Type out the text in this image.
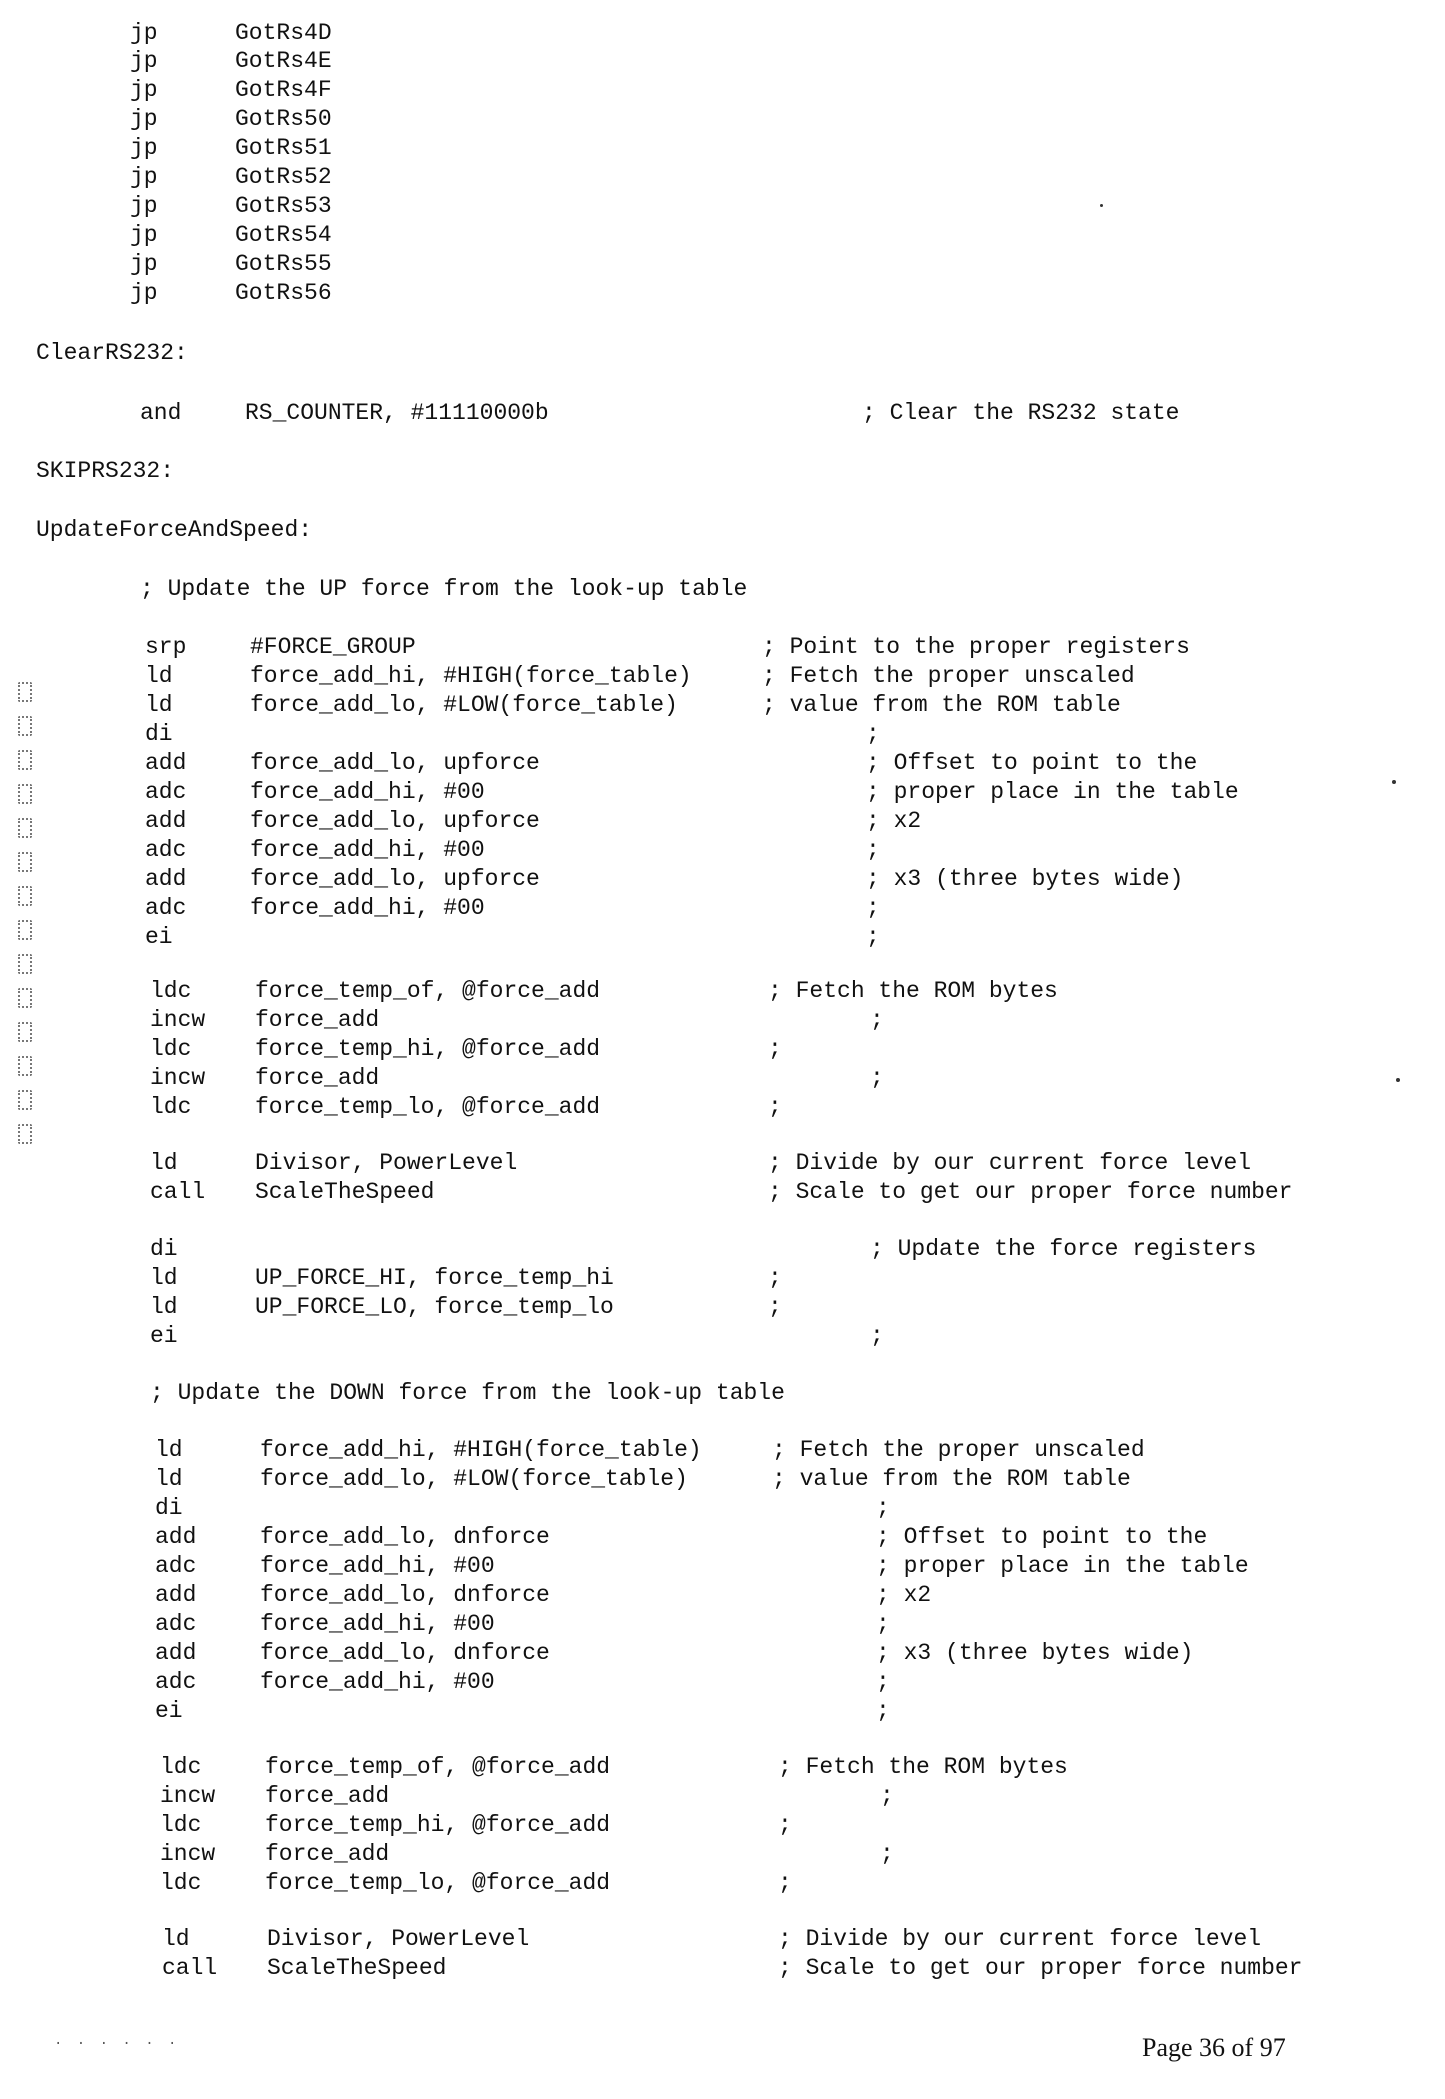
jp	GotRs4D
jp	GotRs4E
jp	GotRs4F
jp	GotRs50
jp	GotRs51
jp	GotRs52
jp	GotRs53
jp	GotRs54
jp	GotRs55
jp	GotRs56
ClearRS232:
and	RS_COUNTER, #11110000b	; Clear the RS232 state
SKIPRS232:
UpdateForceAndSpeed:
; Update the UP force from the look-up table
srp	#FORCE_GROUP	; Point to the proper registers
ld	force_add_hi, #HIGH(force_table)	; Fetch the proper unscaled
ld	force_add_lo, #LOW(force_table)	; value from the ROM table
di	;
add	force_add_lo, upforce	; Offset to point to the
adc	force_add_hi, #00	; proper place in the table
add	force_add_lo, upforce	; x2
adc	force_add_hi, #00	;
add	force_add_lo, upforce	; x3 (three bytes wide)
adc	force_add_hi, #00	;
ei	;
ldc	force_temp_of, @force_add	; Fetch the ROM bytes
incw force_add	;
ldc	force_temp_hi, @force_add	;
incw force_add	;
ldc	force_temp_lo, @force_add	;
ld	Divisor, PowerLevel	; Divide by our current force level
call ScaleTheSpeed	; Scale to get our proper force number
di	; Update the force registers
ld	UP_FORCE_HI, force_temp_hi	;
ld	UP_FORCE_LO, force_temp_lo	;
ei	;
; Update the DOWN force from the look-up table
ld	force_add_hi, #HIGH(force_table)	; Fetch the proper unscaled
ld	force_add_lo, #LOW(force_table)	; value from the ROM table
di	;
add	force_add_lo, dnforce	; Offset to point to the
adc	force_add_hi, #00	; proper place in the table
add	force_add_lo, dnforce	; x2
adc	force_add_hi, #00	;
add	force_add_lo, dnforce	; x3 (three bytes wide)
adc	force_add_hi, #00	;
ei	;
ldc	force_temp_of, @force_add	; Fetch the ROM bytes
incw force_add	;
ldc	force_temp_hi, @force_add	;
incw force_add	;
ldc	force_temp_lo, @force_add	;
ld	Divisor, PowerLevel	; Divide by our current force level
call ScaleTheSpeed	; Scale to get our proper force number
· · · · · ·	Page 36 of 97
